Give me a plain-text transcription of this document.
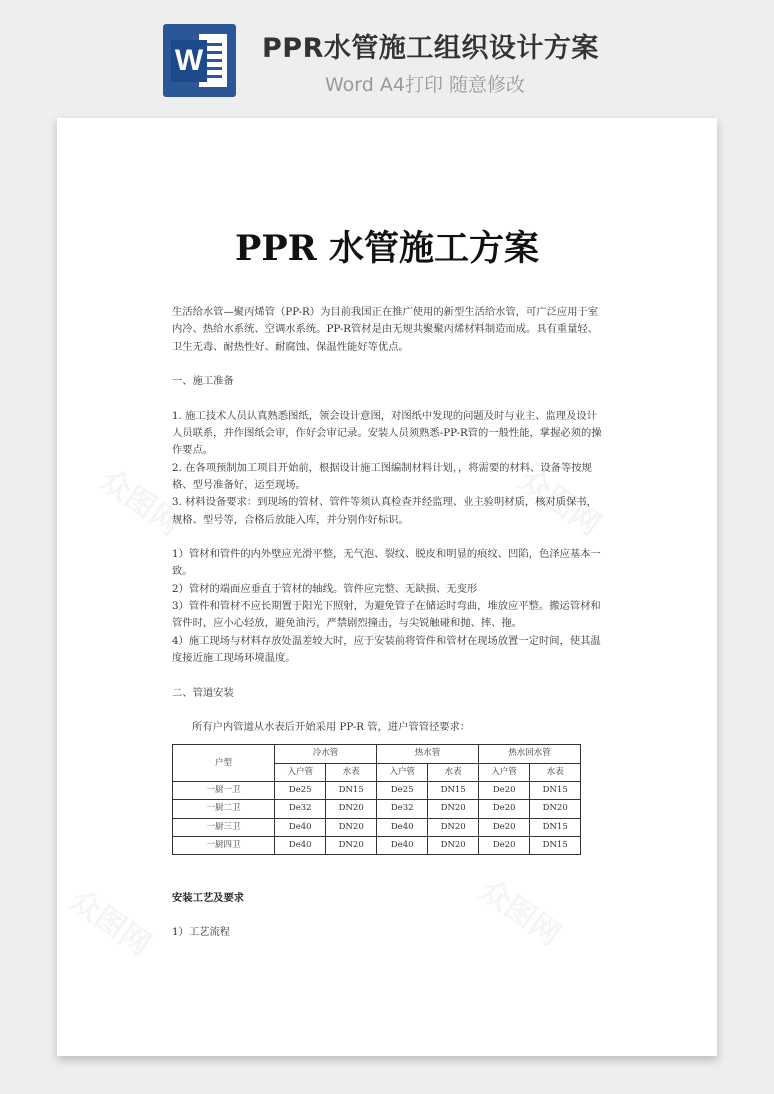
W PPR水管施工组织设计方案
Word A4打印 随意修改
PPR 水管施工方案

生活给水管—聚丙烯管（PP-R）为目前我国正在推广使用的新型生活给水管，可广泛应用于室内冷、热给水系统、空调水系统。PP-R管材是由无规共聚聚丙烯材料制造而成。具有重量轻、卫生无毒、耐热性好、耐腐蚀、保温性能好等优点。

一、施工准备

1. 施工技术人员认真熟悉图纸，领会设计意图，对图纸中发现的问题及时与业主、监理及设计人员联系，并作图纸会审，作好会审记录。安装人员须熟悉-PP-R管的一般性能，掌握必须的操作要点。

2. 在各项预制加工项目开始前，根据设计施工图编制材料计划，，将需要的材料、设备等按规格、型号准备好，运至现场。

3. 材料设备要求：到现场的管材、管件等须认真检查并经监理、业主验明材质，核对质保书，规格、型号等，合格后放能入库，并分别作好标识。

1）管材和管件的内外壁应光滑平整，无气泡、裂纹、脱皮和明显的痕纹、凹陷，色泽应基本一致。

2）管材的端面应垂直于管材的轴线。管件应完整、无缺损、无变形

3）管件和管材不应长期置于阳光下照射，为避免管子在储运时弯曲，堆放应平整。搬运管材和管件时，应小心轻放，避免油污，严禁剧烈撞击，与尖锐触碰和抛、摔、拖。

4）施工现场与材料存放处温差较大时，应于安装前将管件和管材在现场放置一定时间，使其温度接近施工现场环境温度。

二、管道安装

所有户内管道从水表后开始采用 PP-R 管，进户管管径要求：

户型	冷水管		热水管		热水回水管	
	入户管	水表	入户管	水表	入户管	水表
一厨一卫	De25	DN15	De25	DN15	De20	DN15
一厨二卫	De32	DN20	De32	DN20	De20	DN20
一厨三卫	De40	DN20	De40	DN20	De20	DN15
一厨四卫	De40	DN20	De40	DN20	De20	DN15

安装工艺及要求

1）工艺流程
